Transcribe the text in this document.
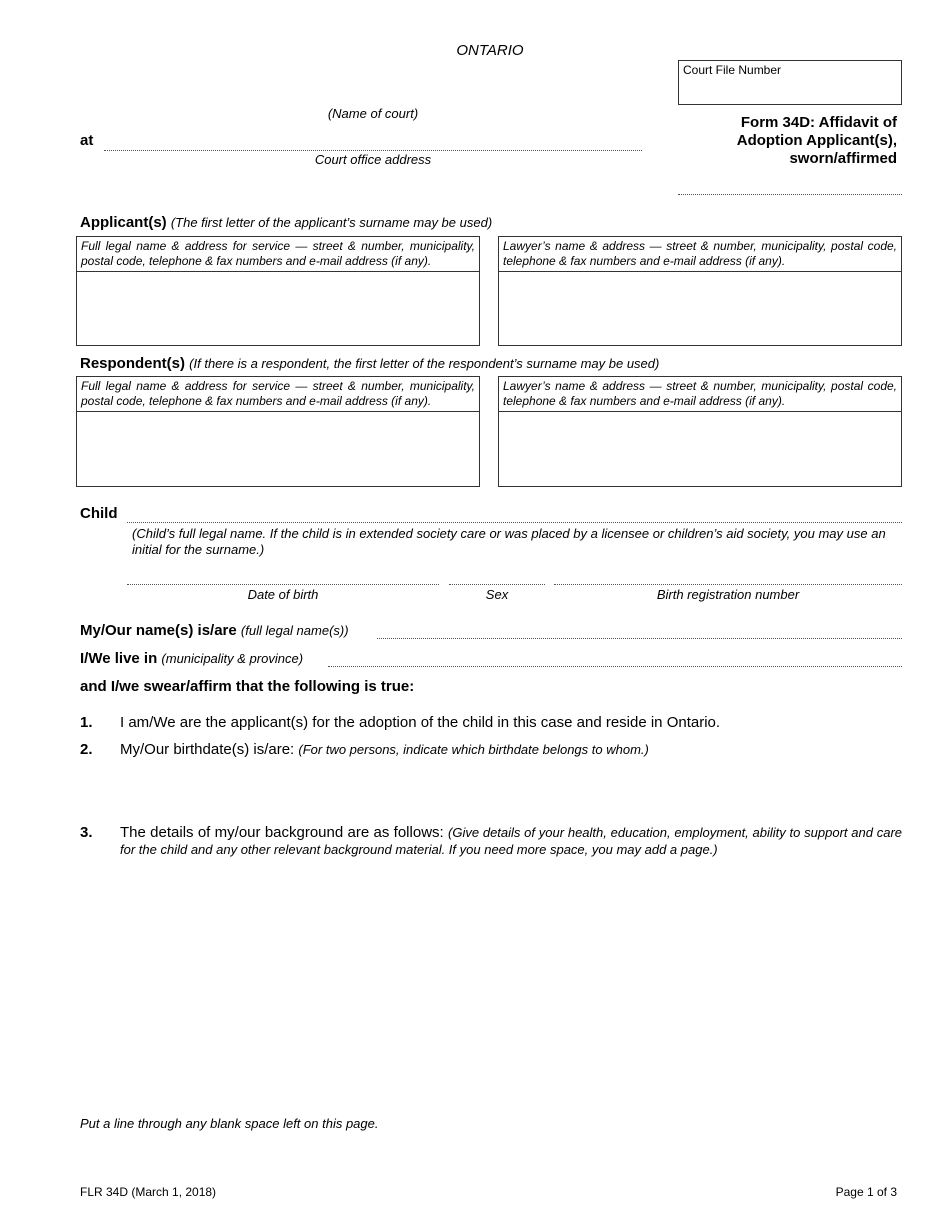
ONTARIO
Court File Number
(Name of court)
at
Court office address
Form 34D: Affidavit of
Adoption Applicant(s),
sworn/affirmed
Applicant(s) (The first letter of the applicant’s surname may be used)
Full legal name & address for service — street & number, municipality, postal code, telephone & fax numbers and e-mail address (if any).
Lawyer’s name & address — street & number, municipality, postal code, telephone & fax numbers and e-mail address (if any).
Respondent(s) (If there is a respondent, the first letter of the respondent’s surname may be used)
Full legal name & address for service — street & number, municipality, postal code, telephone & fax numbers and e-mail address (if any).
Lawyer’s name & address — street & number, municipality, postal code, telephone & fax numbers and e-mail address (if any).
Child
(Child’s full legal name. If the child is in extended society care or was placed by a licensee or children’s aid society, you may use an initial for the surname.)
Date of birth	Sex	Birth registration number
My/Our name(s) is/are (full legal name(s))
I/We live in (municipality & province)
and I/we swear/affirm that the following is true:
1. I am/We are the applicant(s) for the adoption of the child in this case and reside in Ontario.
2. My/Our birthdate(s) is/are: (For two persons, indicate which birthdate belongs to whom.)
3. The details of my/our background are as follows: (Give details of your health, education, employment, ability to support and care for the child and any other relevant background material. If you need more space, you may add a page.)
Put a line through any blank space left on this page.
FLR 34D (March 1, 2018)	Page 1 of 3
